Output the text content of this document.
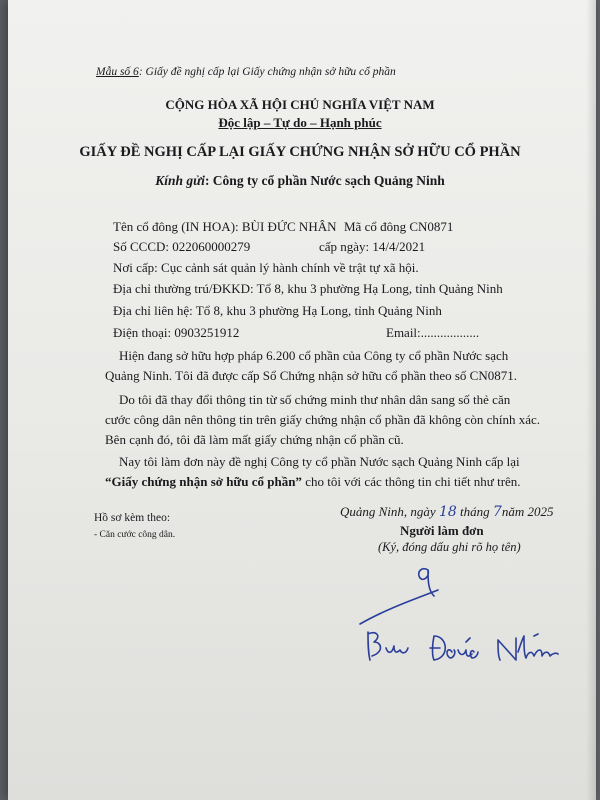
Mẫu số 6: Giấy đề nghị cấp lại Giấy chứng nhận sở hữu cổ phần
CỘNG HÒA XÃ HỘI CHỦ NGHĨA VIỆT NAM
Độc lập – Tự do – Hạnh phúc
GIẤY ĐỀ NGHỊ CẤP LẠI GIẤY CHỨNG NHẬN SỞ HỮU CỔ PHẦN
Kính gửi: Công ty cổ phần Nước sạch Quảng Ninh
Tên cổ đông (IN HOA): BÙI ĐỨC NHÂN Mã cổ đông CN0871
Số CCCD: 022060000279	cấp ngày: 14/4/2021
Nơi cấp: Cục cảnh sát quản lý hành chính về trật tự xã hội.
Địa chỉ thường trú/ĐKKD: Tổ 8, khu 3 phường Hạ Long, tỉnh Quảng Ninh
Địa chỉ liên hệ: Tổ 8, khu 3 phường Hạ Long, tỉnh Quảng Ninh
Điện thoại: 0903251912	Email:..................
Hiện đang sở hữu hợp pháp 6.200 cổ phần của Công ty cổ phần Nước sạch
Quảng Ninh. Tôi đã được cấp Sổ Chứng nhận sở hữu cổ phần theo số CN0871.
Do tôi đã thay đổi thông tin từ số chứng minh thư nhân dân sang số thẻ căn
cước công dân nên thông tin trên giấy chứng nhận cổ phần đã không còn chính xác.
Bên cạnh đó, tôi đã làm mất giấy chứng nhận cổ phần cũ.
Nay tôi làm đơn này đề nghị Công ty cổ phần Nước sạch Quảng Ninh cấp lại
“Giấy chứng nhận sở hữu cổ phần” cho tôi với các thông tin chi tiết như trên.
Hồ sơ kèm theo:
- Căn cước công dân.
Quảng Ninh, ngày 18 tháng 7năm 2025
Người làm đơn
(Ký, đóng dấu ghi rõ họ tên)
